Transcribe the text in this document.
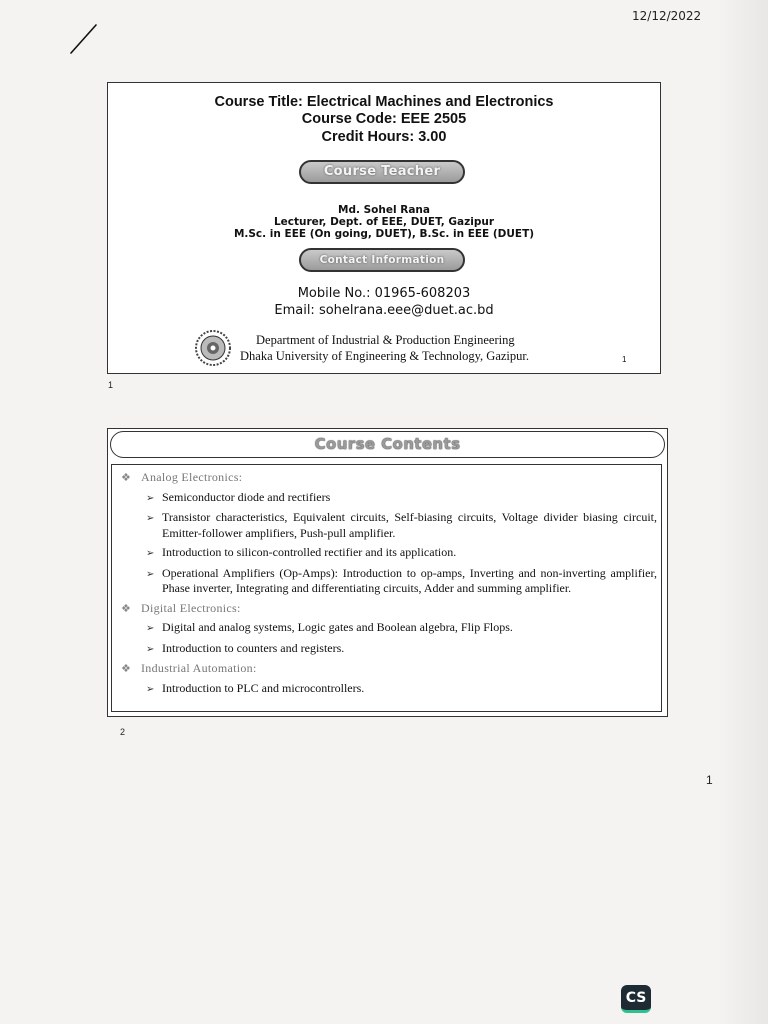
12/12/2022
Course Title: Electrical Machines and Electronics
Course Code: EEE 2505
Credit Hours: 3.00
Course Teacher
Md. Sohel Rana
Lecturer, Dept. of EEE, DUET, Gazipur
M.Sc. in EEE (On going, DUET), B.Sc. in EEE (DUET)
Contact Information
Mobile No.: 01965-608203
Email: sohelrana.eee@duet.ac.bd
Department of Industrial & Production Engineering
Dhaka University of Engineering & Technology, Gazipur.	1
1
Course Contents
❖ Analog Electronics:
➢ Semiconductor diode and rectifiers
➢ Transistor characteristics, Equivalent circuits, Self-biasing circuits, Voltage divider biasing circuit, Emitter-follower amplifiers, Push-pull amplifier.
➢ Introduction to silicon-controlled rectifier and its application.
➢ Operational Amplifiers (Op-Amps): Introduction to op-amps, Inverting and non-inverting amplifier, Phase inverter, Integrating and differentiating circuits, Adder and summing amplifier.
❖ Digital Electronics:
➢ Digital and analog systems, Logic gates and Boolean algebra, Flip Flops.
➢ Introduction to counters and registers.
❖ Industrial Automation:
➢ Introduction to PLC and microcontrollers.
2
1
CS
